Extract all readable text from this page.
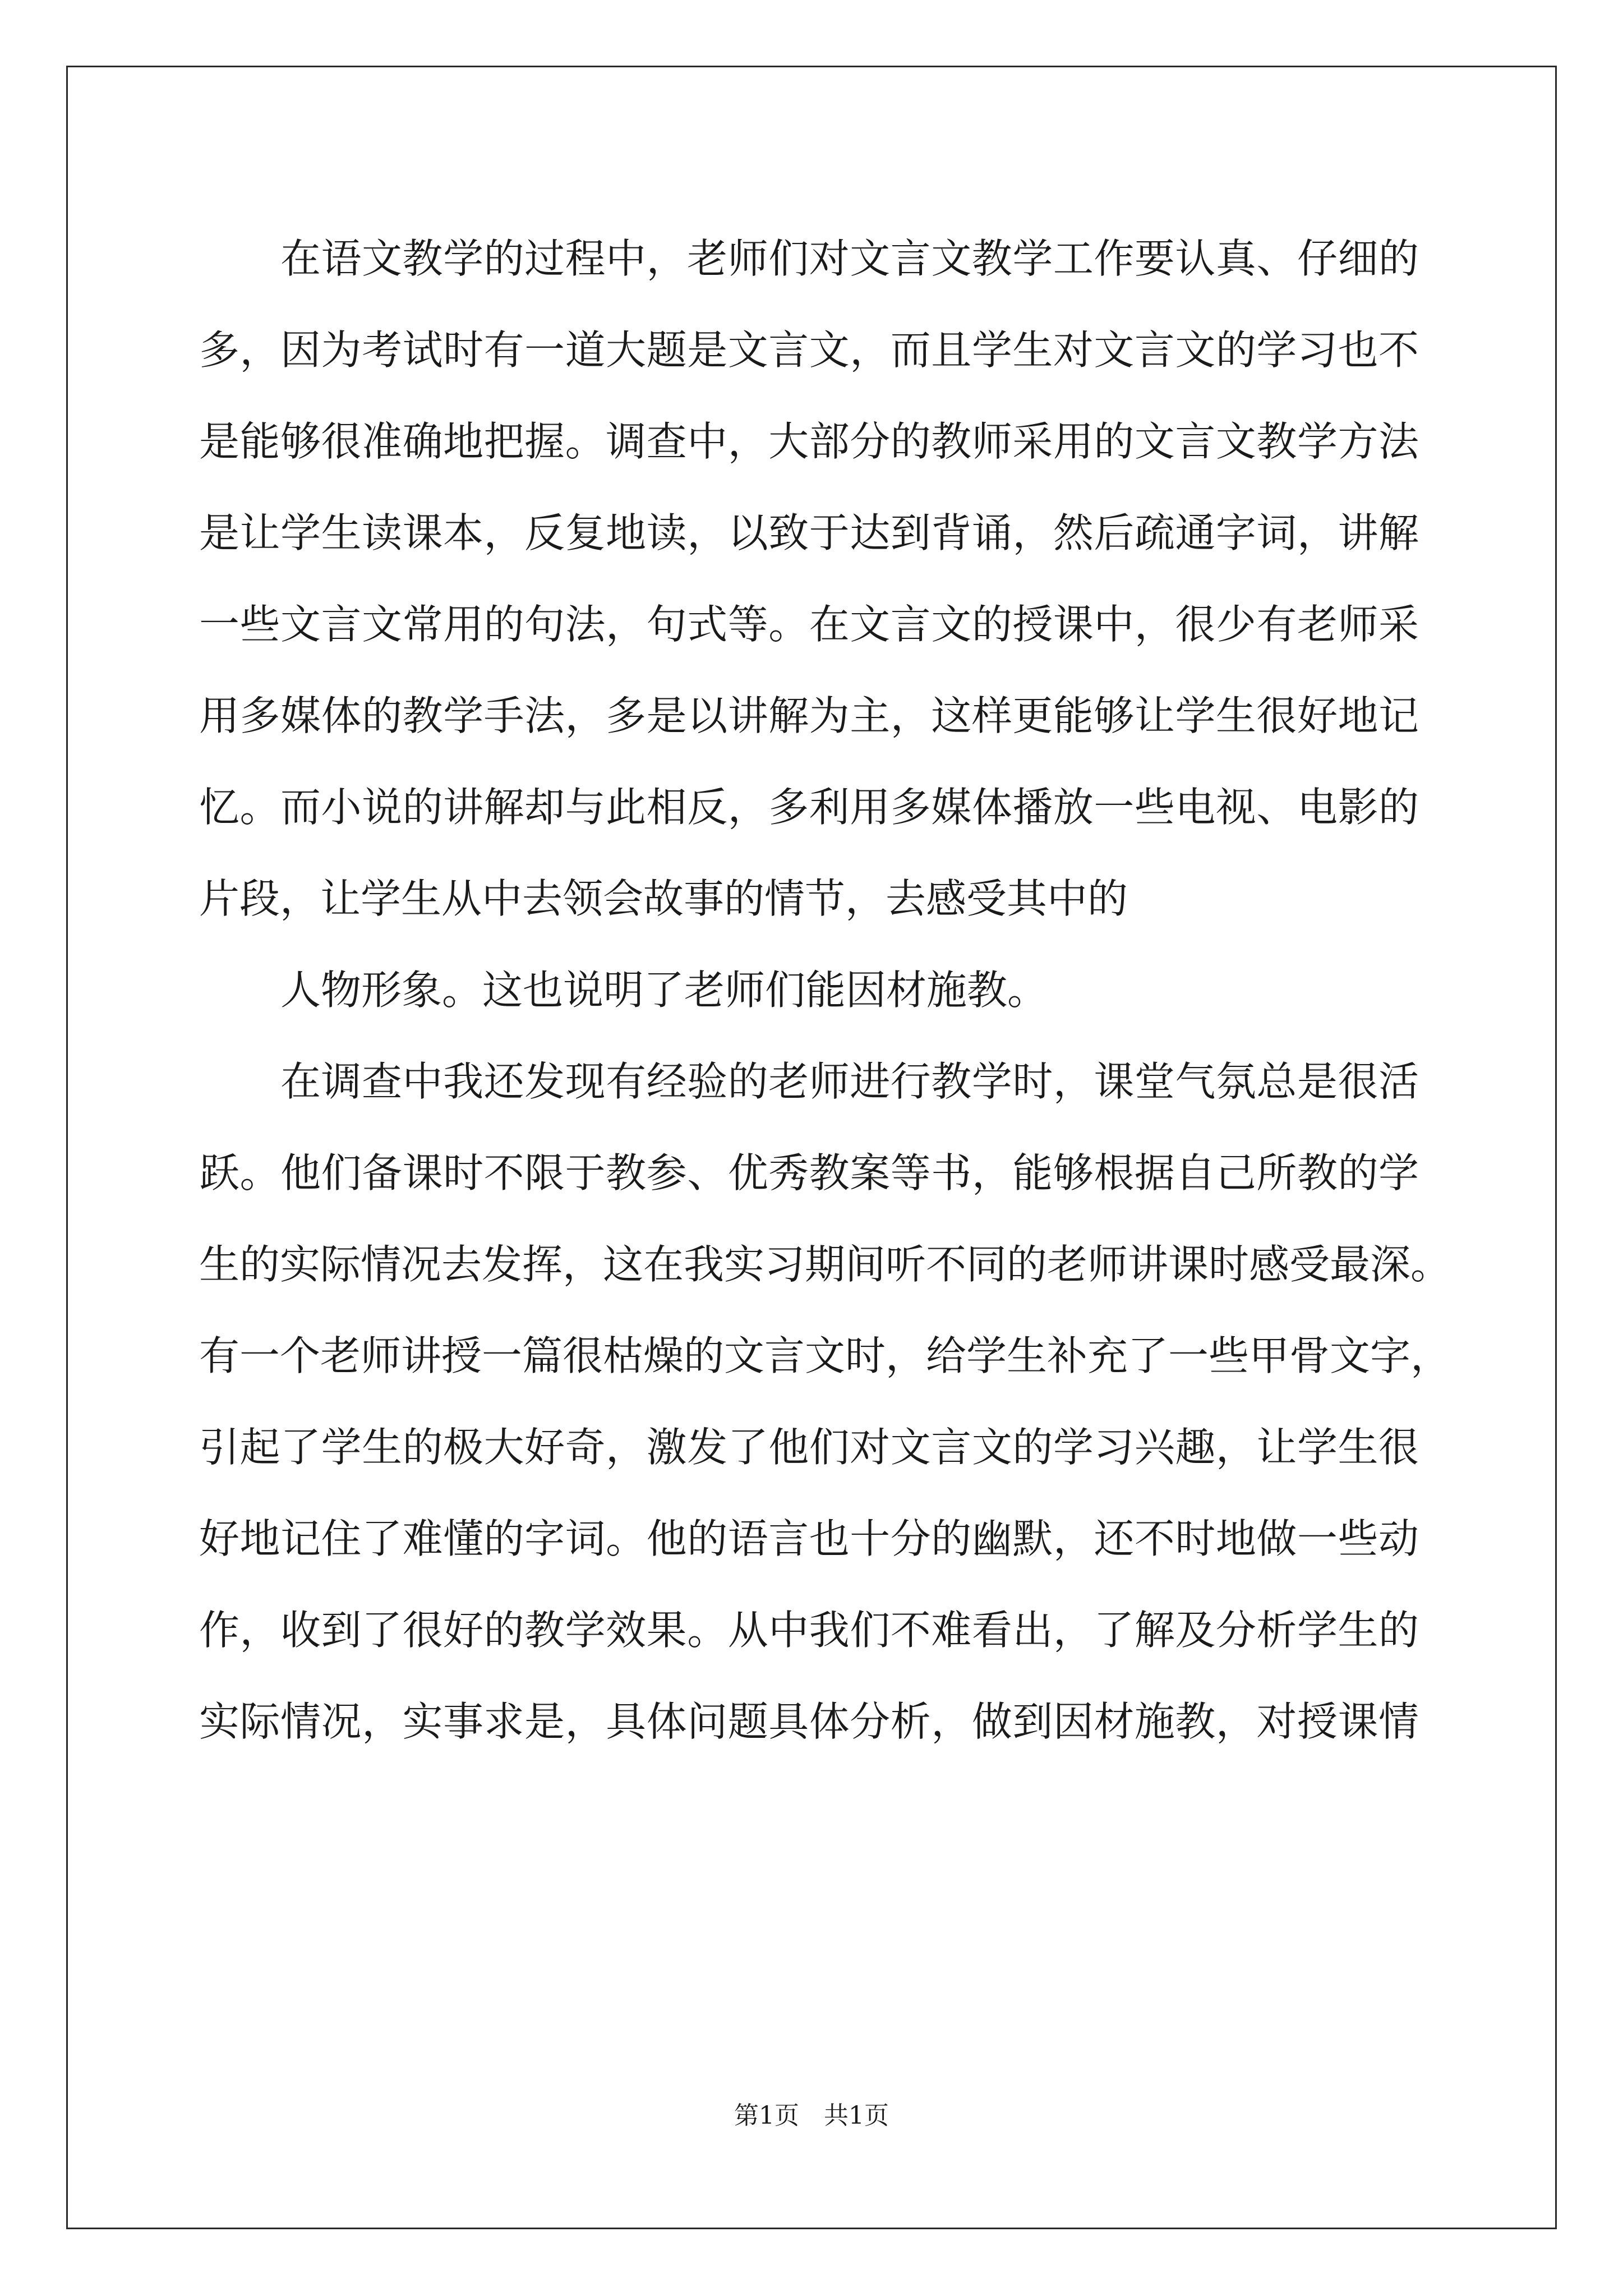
在语文教学的过程中，老师们对文言文教学工作要认真、仔细的
多，因为考试时有一道大题是文言文，而且学生对文言文的学习也不
是能够很准确地把握。调查中，大部分的教师采用的文言文教学方法
是让学生读课本，反复地读，以致于达到背诵，然后疏通字词，讲解
一些文言文常用的句法，句式等。在文言文的授课中，很少有老师采
用多媒体的教学手法，多是以讲解为主，这样更能够让学生很好地记
忆。而小说的讲解却与此相反，多利用多媒体播放一些电视、电影的
片段，让学生从中去领会故事的情节，去感受其中的
人物形象。这也说明了老师们能因材施教。
在调查中我还发现有经验的老师进行教学时，课堂气氛总是很活
跃。他们备课时不限于教参、优秀教案等书，能够根据自己所教的学
生的实际情况去发挥，这在我实习期间听不同的老师讲课时感受最深。
有一个老师讲授一篇很枯燥的文言文时，给学生补充了一些甲骨文字，
引起了学生的极大好奇，激发了他们对文言文的学习兴趣，让学生很
好地记住了难懂的字词。他的语言也十分的幽默，还不时地做一些动
作，收到了很好的教学效果。从中我们不难看出，了解及分析学生的
实际情况，实事求是，具体问题具体分析，做到因材施教，对授课情
第1页 共1页
